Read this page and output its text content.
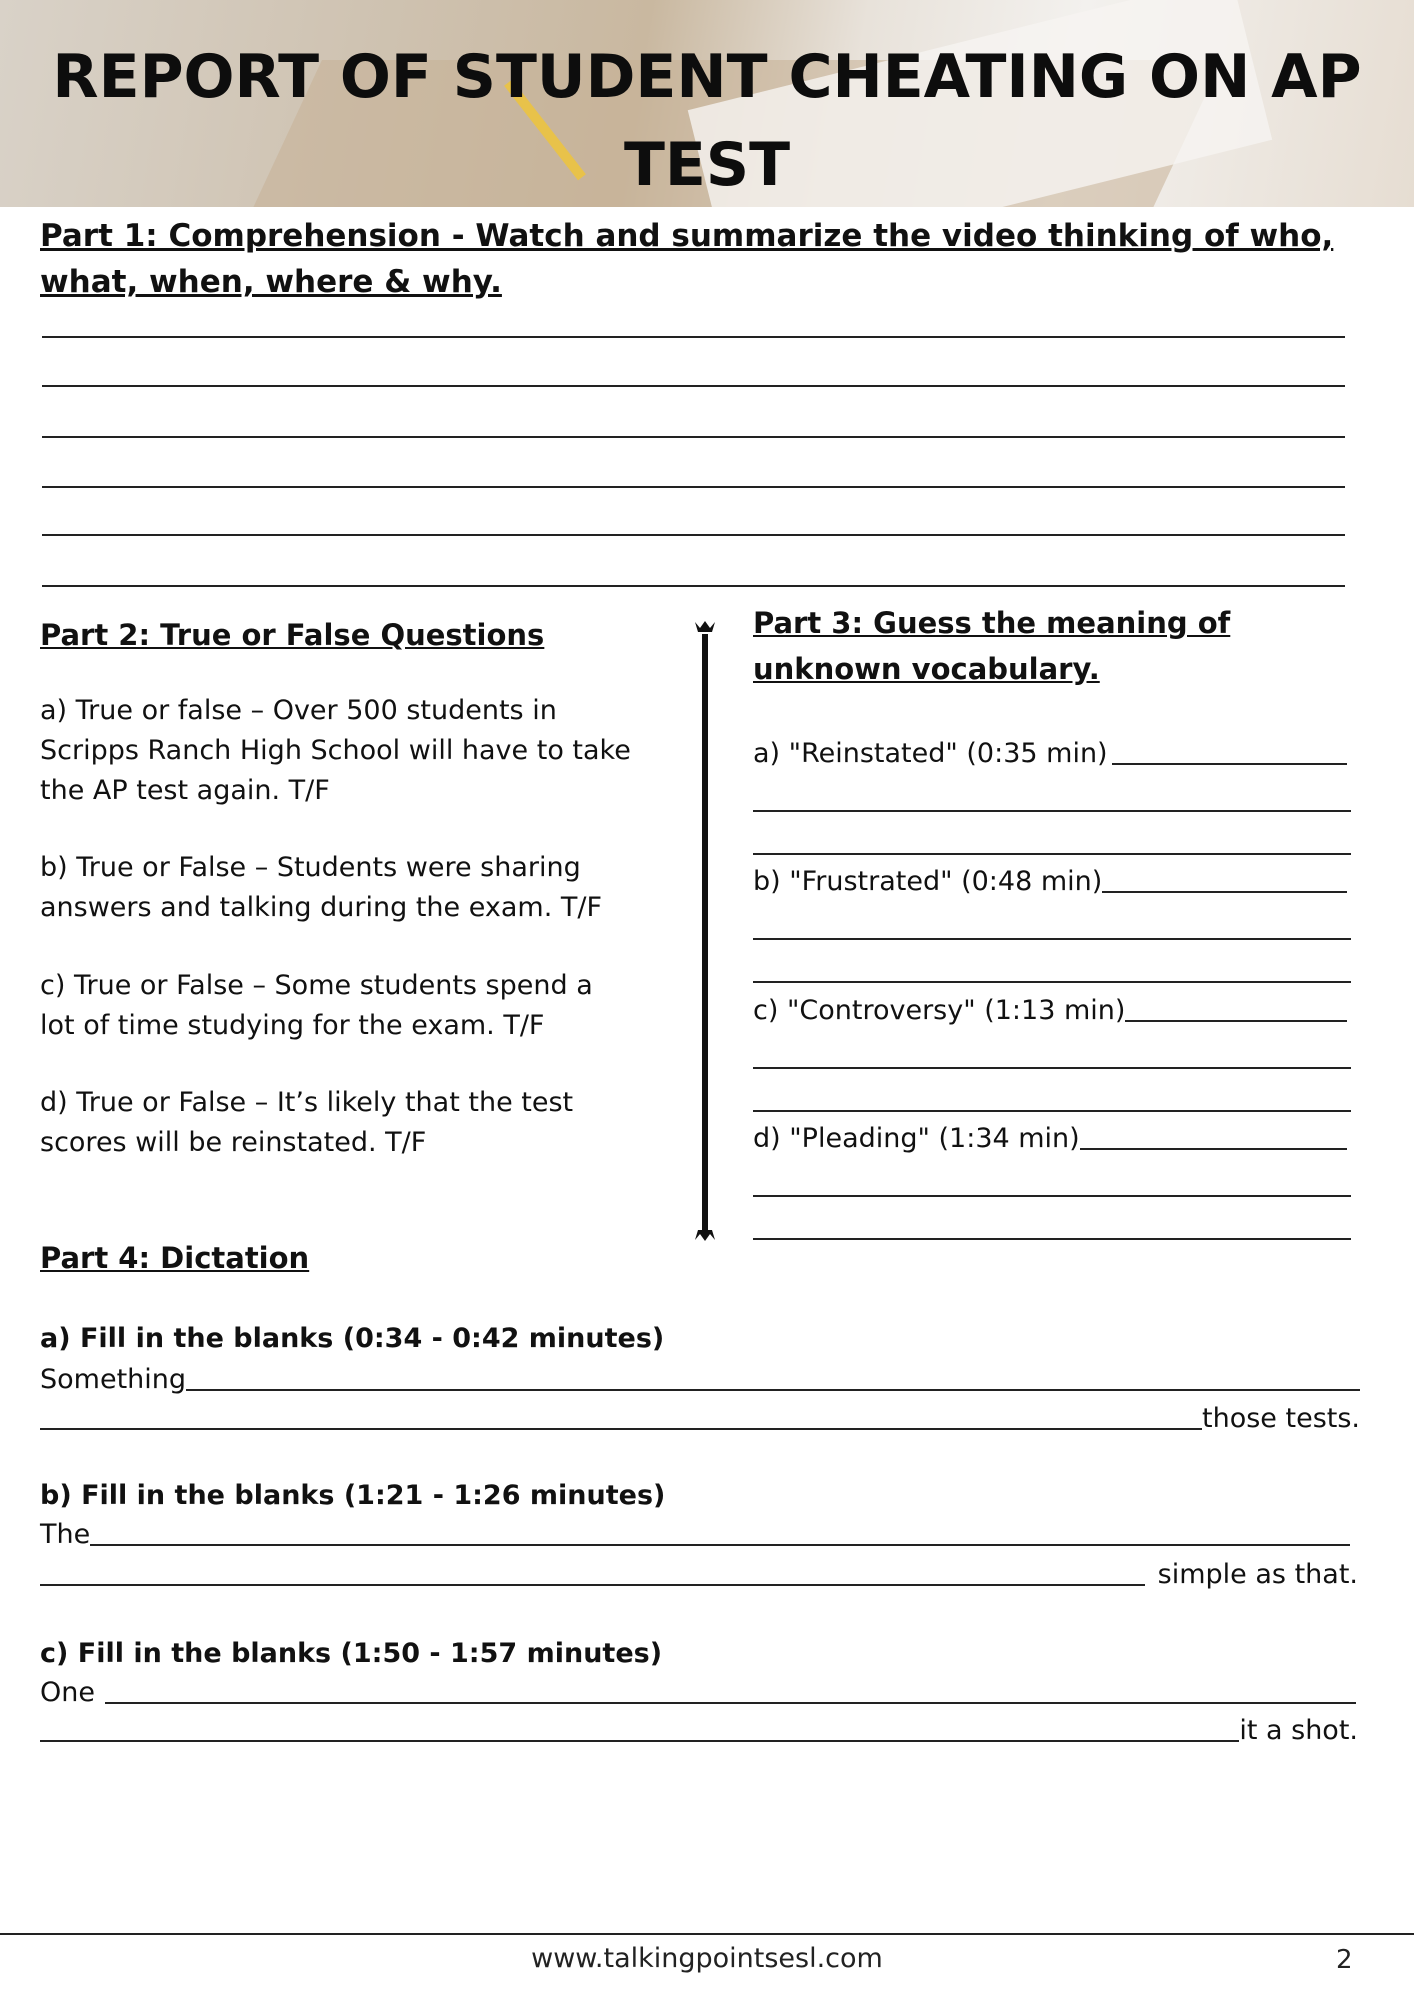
REPORT OF STUDENT CHEATING ON AP
TEST
Part 1: Comprehension - Watch and summarize the video thinking of who,
what, when, where & why.
Part 2: True or False Questions
a) True or false – Over 500 students in
Scripps Ranch High School will have to take
the AP test again. T/F
b) True or False – Students were sharing
answers and talking during the exam. T/F
c) True or False – Some students spend a
lot of time studying for the exam. T/F
d) True or False – It’s likely that the test
scores will be reinstated. T/F
Part 3: Guess the meaning of
unknown vocabulary.
a) "Reinstated" (0:35 min)
b) "Frustrated" (0:48 min)
c) "Controversy" (1:13 min)
d) "Pleading" (1:34 min)
Part 4: Dictation
a) Fill in the blanks (0:34 - 0:42 minutes)
Something
those tests.
b) Fill in the blanks (1:21 - 1:26 minutes)
The
simple as that.
c) Fill in the blanks (1:50 - 1:57 minutes)
One
it a shot.
www.talkingpointsesl.com	2
